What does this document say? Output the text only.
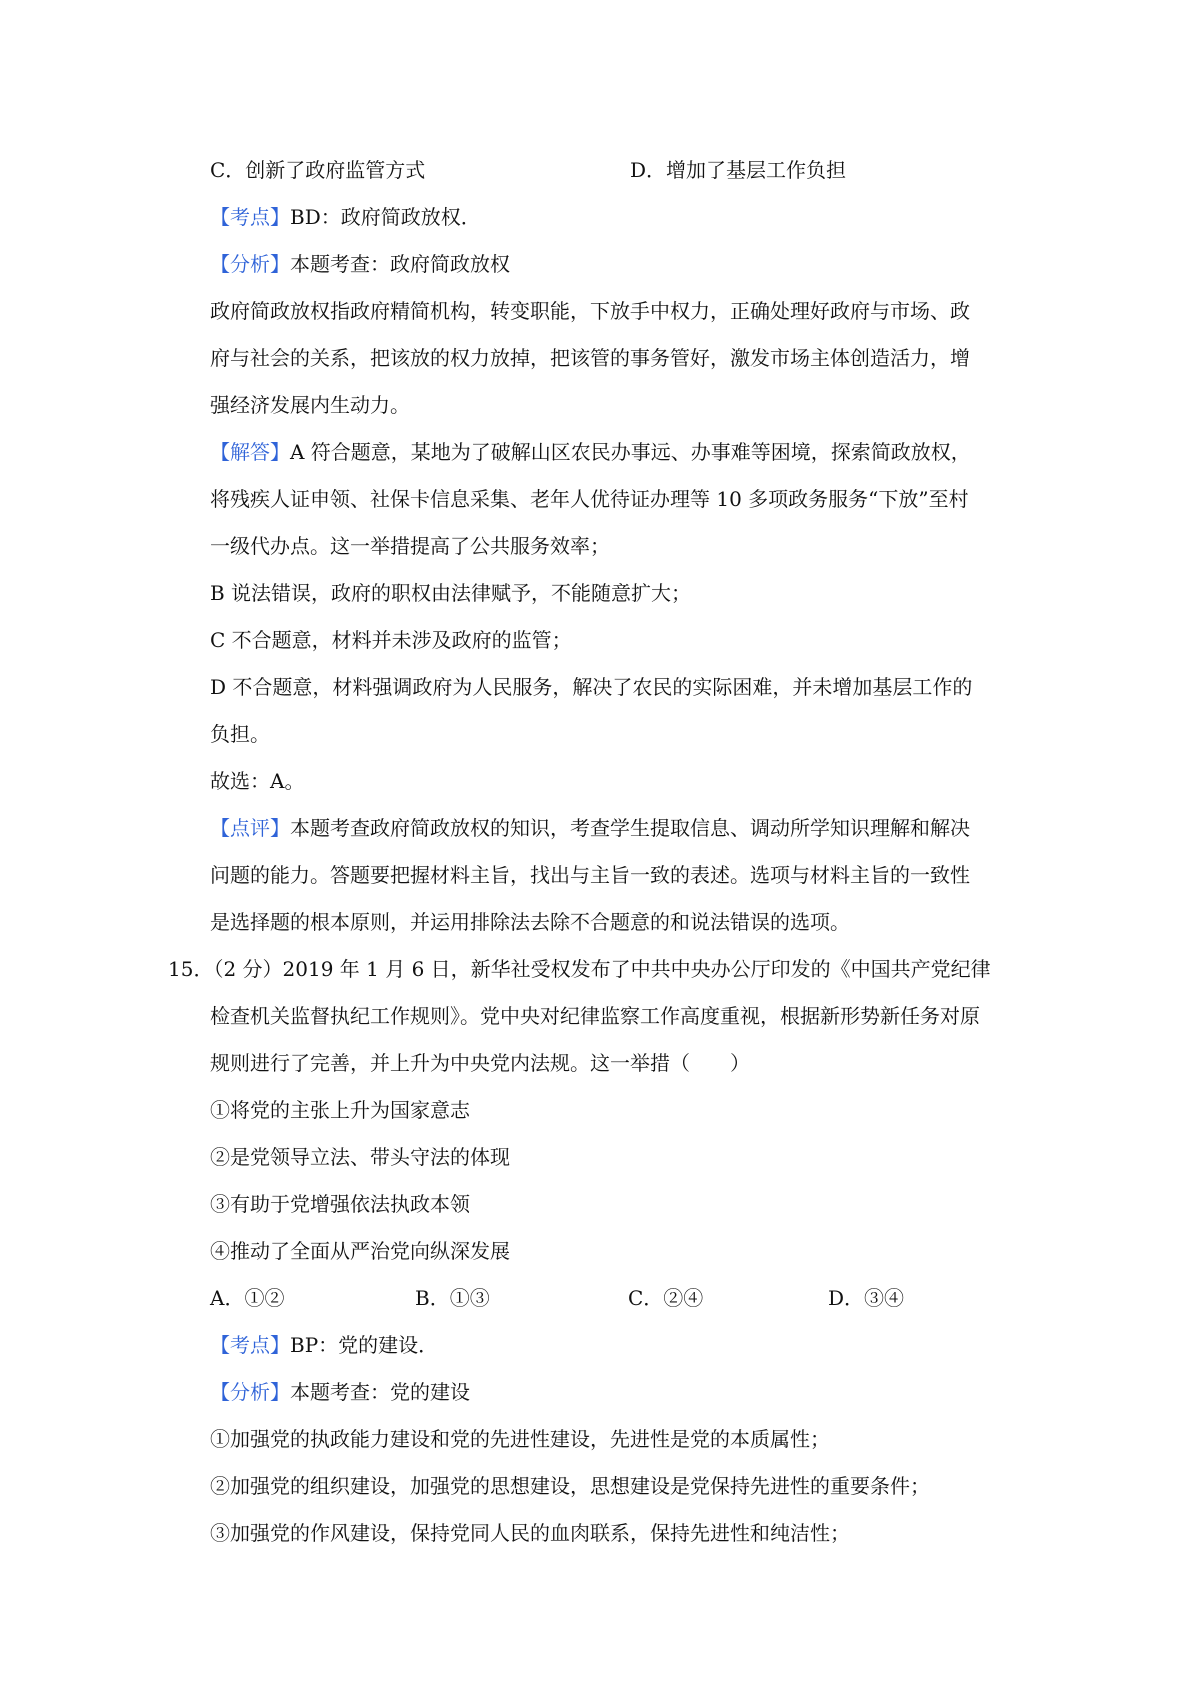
C．创新了政府监管方式	D．增加了基层工作负担
【考点】BD：政府简政放权．
【分析】本题考查：政府简政放权
政府简政放权指政府精简机构，转变职能，下放手中权力，正确处理好政府与市场、政
府与社会的关系，把该放的权力放掉，把该管的事务管好，激发市场主体创造活力，增
强经济发展内生动力。
【解答】A 符合题意，某地为了破解山区农民办事远、办事难等困境，探索简政放权，
将残疾人证申领、社保卡信息采集、老年人优待证办理等 10 多项政务服务“下放”至村
一级代办点。这一举措提高了公共服务效率；
B 说法错误，政府的职权由法律赋予，不能随意扩大；
C 不合题意，材料并未涉及政府的监管；
D 不合题意，材料强调政府为人民服务，解决了农民的实际困难，并未增加基层工作的
负担。
故选：A。
【点评】本题考查政府简政放权的知识，考查学生提取信息、调动所学知识理解和解决
问题的能力。答题要把握材料主旨，找出与主旨一致的表述。选项与材料主旨的一致性
是选择题的根本原则，并运用排除法去除不合题意的和说法错误的选项。
15．（2 分）2019 年 1 月 6 日，新华社受权发布了中共中央办公厅印发的《中国共产党纪律
检查机关监督执纪工作规则》。党中央对纪律监察工作高度重视，根据新形势新任务对原
规则进行了完善，并上升为中央党内法规。这一举措（　　）
①将党的主张上升为国家意志
②是党领导立法、带头守法的体现
③有助于党增强依法执政本领
④推动了全面从严治党向纵深发展
A．①②	B．①③	C．②④	D．③④
【考点】BP：党的建设．
【分析】本题考查：党的建设
①加强党的执政能力建设和党的先进性建设，先进性是党的本质属性；
②加强党的组织建设，加强党的思想建设，思想建设是党保持先进性的重要条件；
③加强党的作风建设，保持党同人民的血肉联系，保持先进性和纯洁性；
